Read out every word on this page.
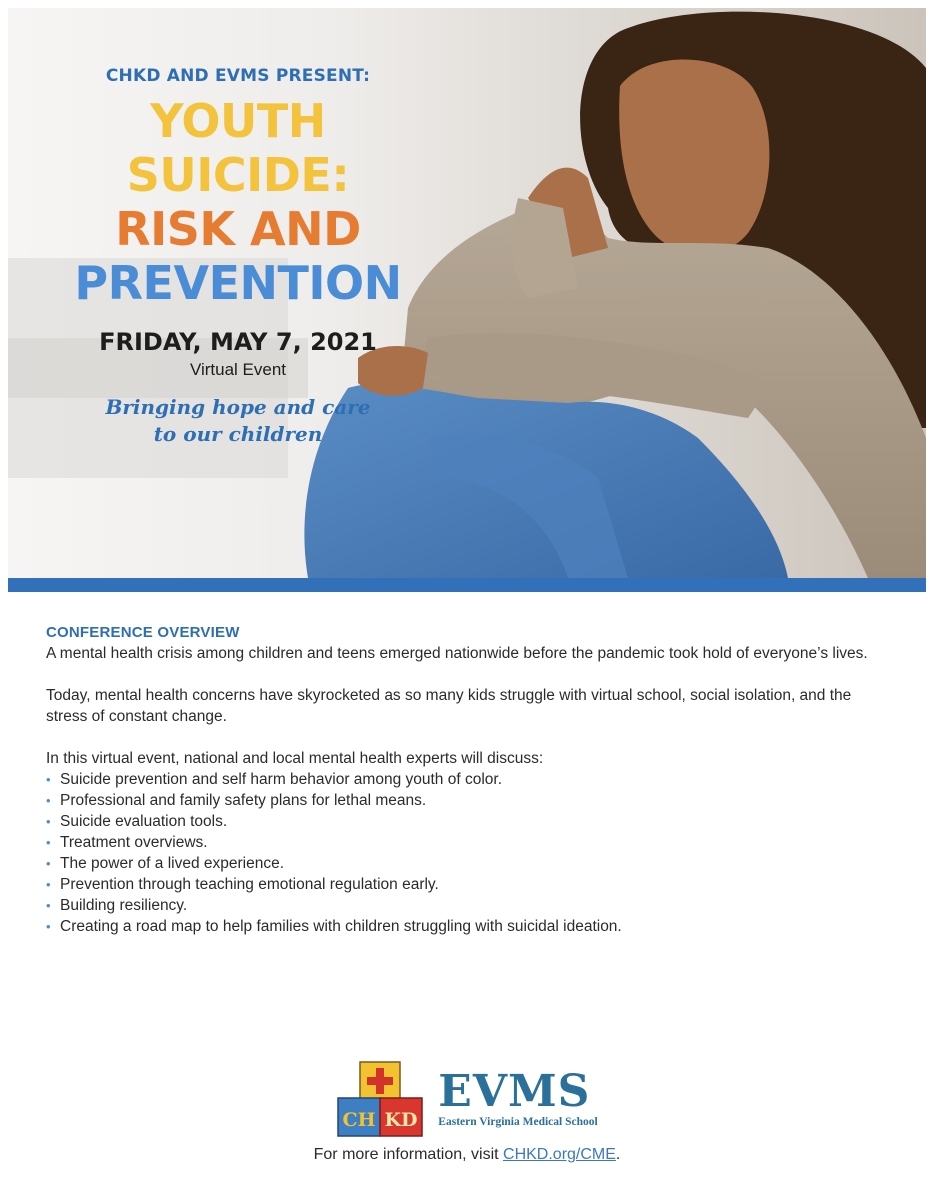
CHKD AND EVMS PRESENT:

YOUTH SUICIDE:

RISK AND

PREVENTION

FRIDAY, MAY 7, 2021

Virtual Event

Bringing hope and care
to our children

CONFERENCE OVERVIEW

A mental health crisis among children and teens emerged nationwide before the pandemic took hold of everyone’s lives.

Today, mental health concerns have skyrocketed as so many kids struggle with virtual school, social isolation, and the stress of constant change.

In this virtual event, national and local mental health experts will discuss:

• Suicide prevention and self harm behavior among youth of color.
• Professional and family safety plans for lethal means.
• Suicide evaluation tools.
• Treatment overviews.
• The power of a lived experience.
• Prevention through teaching emotional regulation early.
• Building resiliency.
• Creating a road map to help families with children struggling with suicidal ideation.
CH KD
EVMS
Eastern Virginia Medical School
For more information, visit CHKD.org/CME.
